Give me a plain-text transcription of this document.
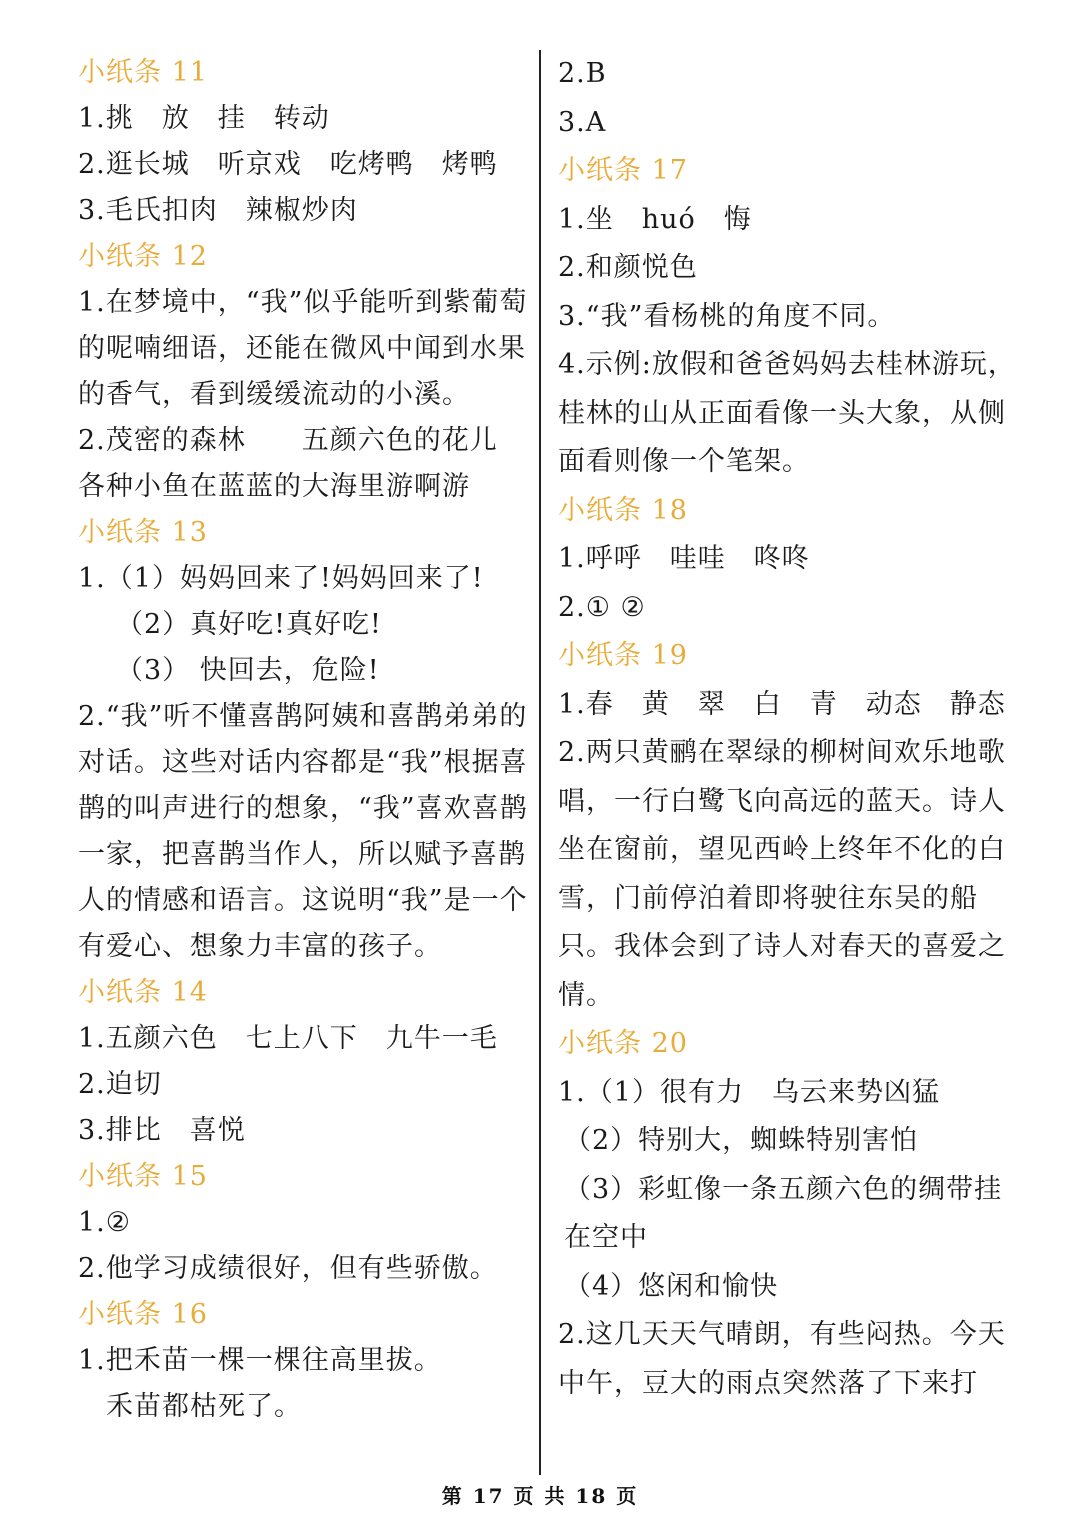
小纸条 11
1.挑　放　挂　转动
2.逛长城　听京戏　吃烤鸭　烤鸭
3.毛氏扣肉　辣椒炒肉
小纸条 12
1.在梦境中，“我”似乎能听到紫葡萄的呢喃细语，还能在微风中闻到水果的香气，看到缓缓流动的小溪。
2.茂密的森林　　五颜六色的花儿
各种小鱼在蓝蓝的大海里游啊游
小纸条 13
1.（1）妈妈回来了!妈妈回来了!
（2）真好吃!真好吃!
（3） 快回去，危险!
2.“我”听不懂喜鹊阿姨和喜鹊弟弟的对话。这些对话内容都是“我”根据喜鹊的叫声进行的想象，“我”喜欢喜鹊一家，把喜鹊当作人，所以赋予喜鹊人的情感和语言。这说明“我”是一个有爱心、想象力丰富的孩子。
小纸条 14
1.五颜六色　七上八下　九牛一毛
2.迫切
3.排比　喜悦
小纸条 15
1.②
2.他学习成绩很好，但有些骄傲。
小纸条 16
1.把禾苗一棵一棵往高里拔。
禾苗都枯死了。
2.B
3.A
小纸条 17
1.坐　huó　悔
2.和颜悦色
3.“我”看杨桃的角度不同。
4.示例:放假和爸爸妈妈去桂林游玩，桂林的山从正面看像一头大象，从侧面看则像一个笔架。
小纸条 18
1.呼呼　哇哇　咚咚
2.① ②
小纸条 19
1.春　黄　翠　白　青　动态　静态
2.两只黄鹂在翠绿的柳树间欢乐地歌唱，一行白鹭飞向高远的蓝天。诗人坐在窗前，望见西岭上终年不化的白雪，门前停泊着即将驶往东吴的船只。我体会到了诗人对春天的喜爱之情。
小纸条 20
1.（1）很有力　乌云来势凶猛
（2）特别大，蜘蛛特别害怕
（3）彩虹像一条五颜六色的绸带挂在空中
（4）悠闲和愉快
2.这几天天气晴朗，有些闷热。今天中午，豆大的雨点突然落了下来打
第 17 页 共 18 页
